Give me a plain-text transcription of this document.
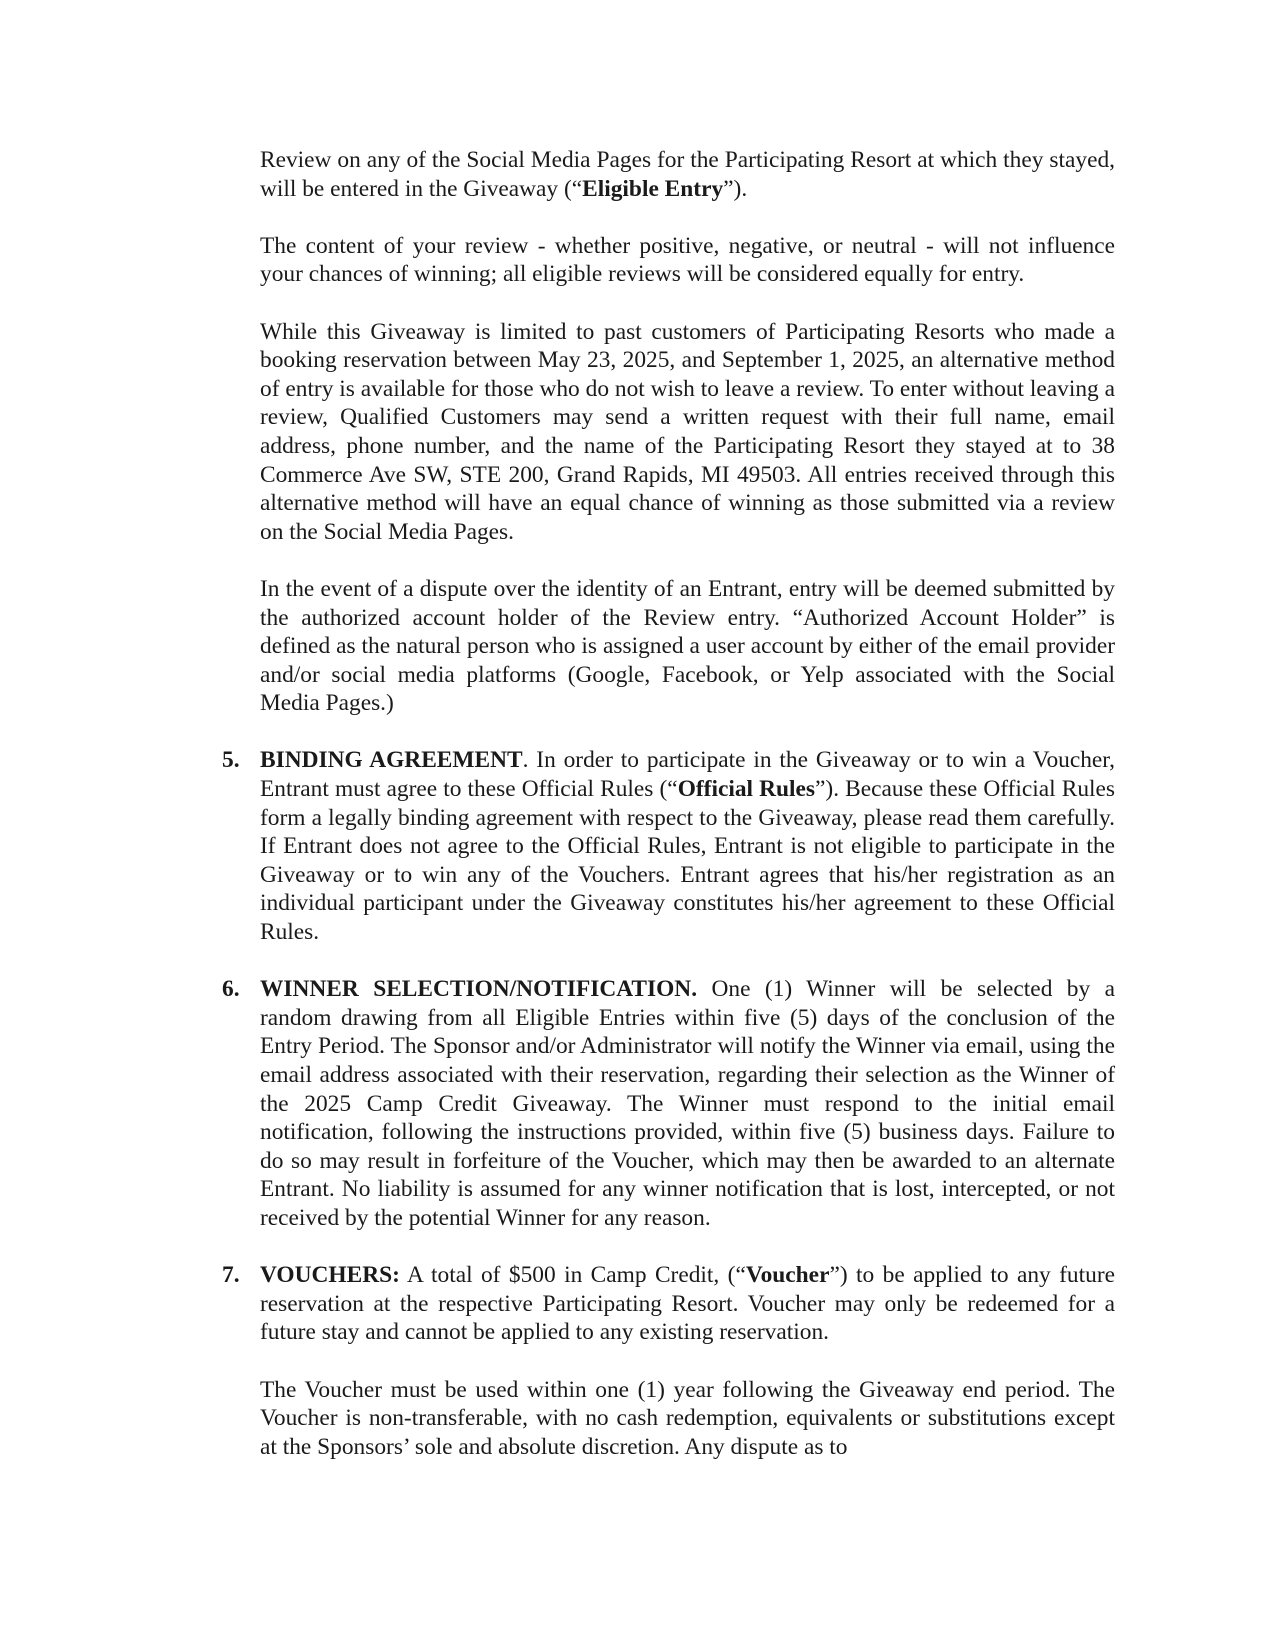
Review on any of the Social Media Pages for the Participating Resort at which they stayed, will be entered in the Giveaway (“Eligible Entry”).

The content of your review - whether positive, negative, or neutral - will not influence your chances of winning; all eligible reviews will be considered equally for entry.

While this Giveaway is limited to past customers of Participating Resorts who made a booking reservation between May 23, 2025, and September 1, 2025, an alternative method of entry is available for those who do not wish to leave a review. To enter without leaving a review, Qualified Customers may send a written request with their full name, email address, phone number, and the name of the Participating Resort they stayed at to 38 Commerce Ave SW, STE 200, Grand Rapids, MI 49503. All entries received through this alternative method will have an equal chance of winning as those submitted via a review on the Social Media Pages.

In the event of a dispute over the identity of an Entrant, entry will be deemed submitted by the authorized account holder of the Review entry. “Authorized Account Holder” is defined as the natural person who is assigned a user account by either of the email provider and/or social media platforms (Google, Facebook, or Yelp associated with the Social Media Pages.)

5. BINDING AGREEMENT. In order to participate in the Giveaway or to win a Voucher, Entrant must agree to these Official Rules (“Official Rules”). Because these Official Rules form a legally binding agreement with respect to the Giveaway, please read them carefully. If Entrant does not agree to the Official Rules, Entrant is not eligible to participate in the Giveaway or to win any of the Vouchers. Entrant agrees that his/her registration as an individual participant under the Giveaway constitutes his/her agreement to these Official Rules.

6. WINNER SELECTION/NOTIFICATION. One (1) Winner will be selected by a random drawing from all Eligible Entries within five (5) days of the conclusion of the Entry Period. The Sponsor and/or Administrator will notify the Winner via email, using the email address associated with their reservation, regarding their selection as the Winner of the 2025 Camp Credit Giveaway. The Winner must respond to the initial email notification, following the instructions provided, within five (5) business days. Failure to do so may result in forfeiture of the Voucher, which may then be awarded to an alternate Entrant. No liability is assumed for any winner notification that is lost, intercepted, or not received by the potential Winner for any reason.

7. VOUCHERS: A total of $500 in Camp Credit, (“Voucher”) to be applied to any future reservation at the respective Participating Resort. Voucher may only be redeemed for a future stay and cannot be applied to any existing reservation.

The Voucher must be used within one (1) year following the Giveaway end period. The Voucher is non-transferable, with no cash redemption, equivalents or substitutions except at the Sponsors’ sole and absolute discretion. Any dispute as to
